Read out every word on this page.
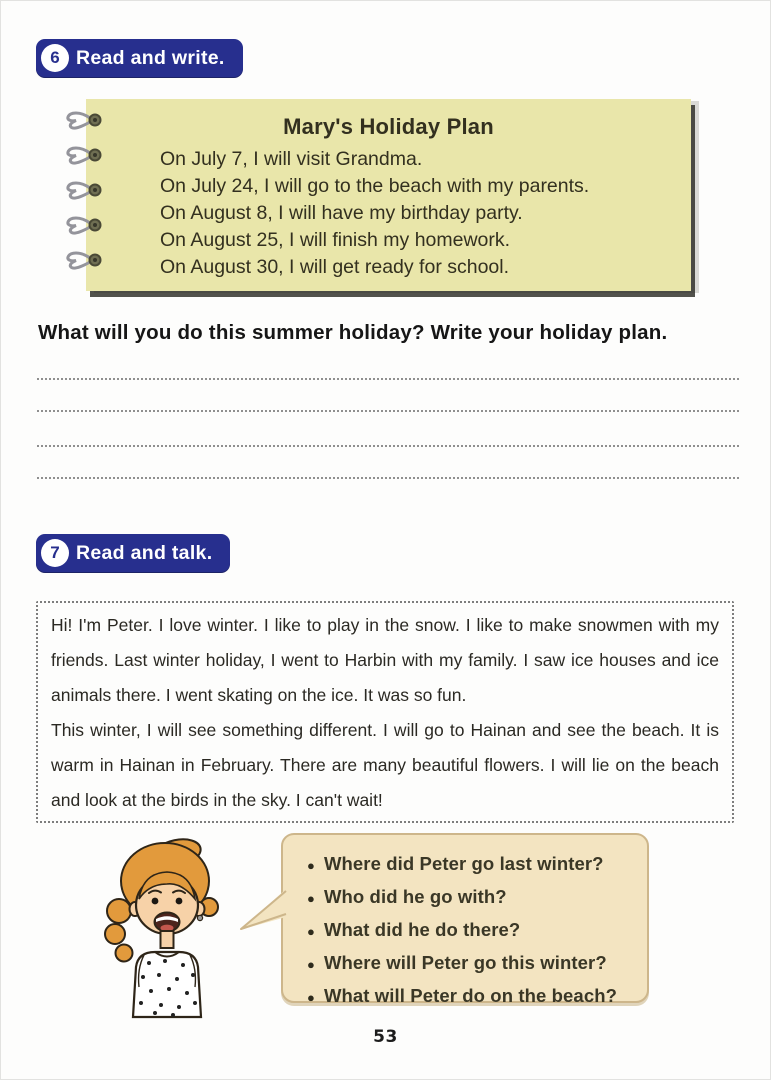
6 Read and write.
Mary's Holiday Plan
On July 7, I will visit Grandma.
On July 24, I will go to the beach with my parents.
On August 8, I will have my birthday party.
On August 25, I will finish my homework.
On August 30, I will get ready for school.
What will you do this summer holiday? Write your holiday plan.
7 Read and talk.

Hi! I'm Peter. I love winter. I like to play in the snow. I like to make snowmen with my friends. Last winter holiday, I went to Harbin with my family. I saw ice houses and ice animals there. I went skating on the ice. It was so fun.

This winter, I will see something different. I will go to Hainan and see the beach. It is warm in Hainan in February. There are many beautiful flowers. I will lie on the beach and look at the birds in the sky. I can't wait!

● Where did Peter go last winter?
● Who did he go with?
● What did he do there?
● Where will Peter go this winter?
● What will Peter do on the beach?
53
